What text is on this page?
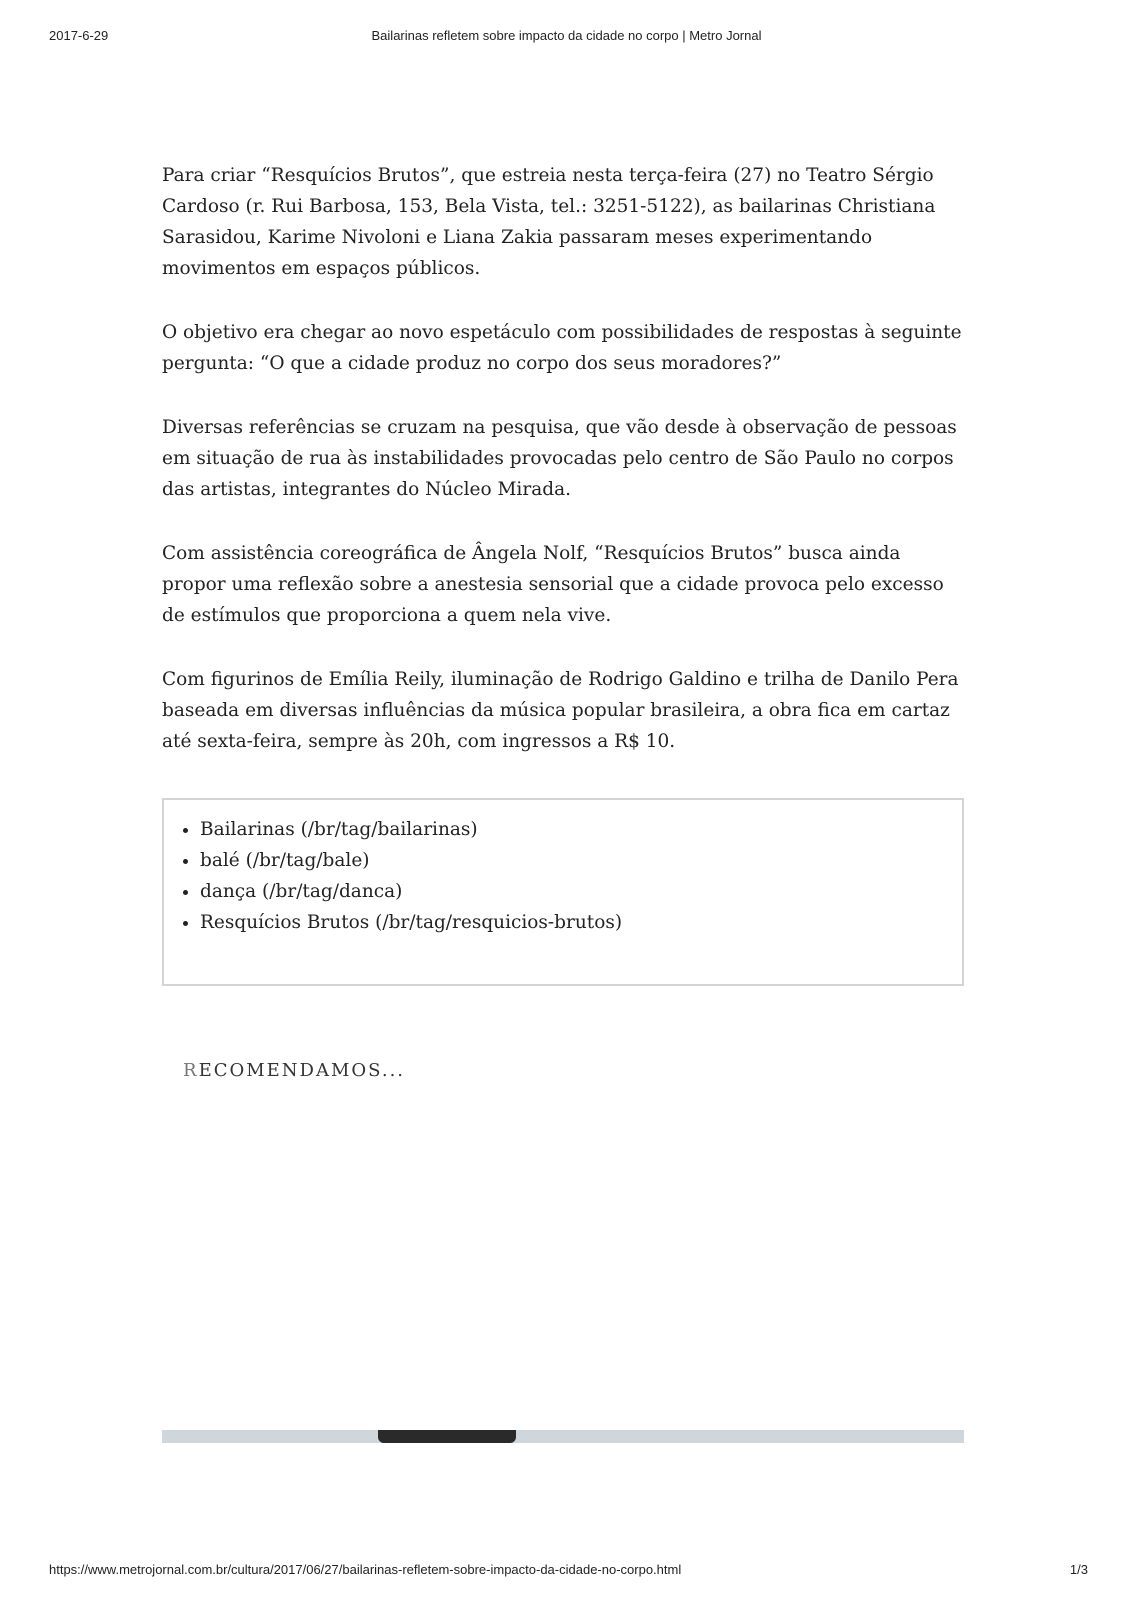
2017-6-29	Bailarinas refletem sobre impacto da cidade no corpo | Metro Jornal

Para criar “Resquícios Brutos”, que estreia nesta terça-feira (27) no Teatro Sérgio Cardoso (r. Rui Barbosa, 153, Bela Vista, tel.: 3251-5122), as bailarinas Christiana Sarasidou, Karime Nivoloni e Liana Zakia passaram meses experimentando movimentos em espaços públicos.

O objetivo era chegar ao novo espetáculo com possibilidades de respostas à seguinte pergunta: “O que a cidade produz no corpo dos seus moradores?”

Diversas referências se cruzam na pesquisa, que vão desde à observação de pessoas em situação de rua às instabilidades provocadas pelo centro de São Paulo no corpos das artistas, integrantes do Núcleo Mirada.

Com assistência coreográfica de Ângela Nolf, “Resquícios Brutos” busca ainda propor uma reflexão sobre a anestesia sensorial que a cidade provoca pelo excesso de estímulos que proporciona a quem nela vive.

Com figurinos de Emília Reily, iluminação de Rodrigo Galdino e trilha de Danilo Pera baseada em diversas influências da música popular brasileira, a obra fica em cartaz até sexta-feira, sempre às 20h, com ingressos a R$ 10.

• Bailarinas (/br/tag/bailarinas)
• balé (/br/tag/bale)
• dança (/br/tag/danca)
• Resquícios Brutos (/br/tag/resquicios-brutos)
RECOMENDAMOS...
https://www.metrojornal.com.br/cultura/2017/06/27/bailarinas-refletem-sobre-impacto-da-cidade-no-corpo.html	1/3
